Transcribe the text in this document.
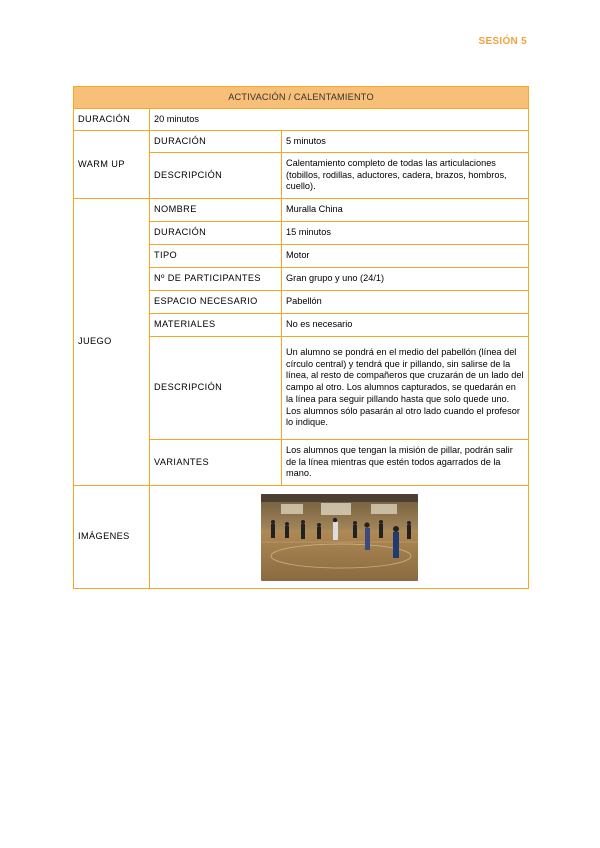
SESIÓN 5
ACTIVACIÓN / CALENTAMIENTO		
DURACIÓN	20 minutos	
WARM UP	DURACIÓN	5 minutos
	DESCRIPCIÓN	Calentamiento completo de todas las articulaciones (tobillos, rodillas, aductores, cadera, brazos, hombros, cuello).
JUEGO	NOMBRE	Muralla China
	DURACIÓN	15 minutos
	TIPO	Motor
	Nº DE PARTICIPANTES	Gran grupo y uno (24/1)
	ESPACIO NECESARIO	Pabellón
	MATERIALES	No es necesario
	DESCRIPCIÓN	Un alumno se pondrá en el medio del pabellón (línea del círculo central) y tendrá que ir pillando, sin salirse de la línea, al resto de compañeros que cruzarán de un lado del campo al otro. Los alumnos capturados, se quedarán en la línea para seguir pillando hasta que solo quede uno. Los alumnos sólo pasarán al otro lado cuando el profesor lo indique.
	VARIANTES	Los alumnos que tengan la misión de pillar, podrán salir de la línea mientras que estén todos agarrados de la mano.
IMÁGENES	
